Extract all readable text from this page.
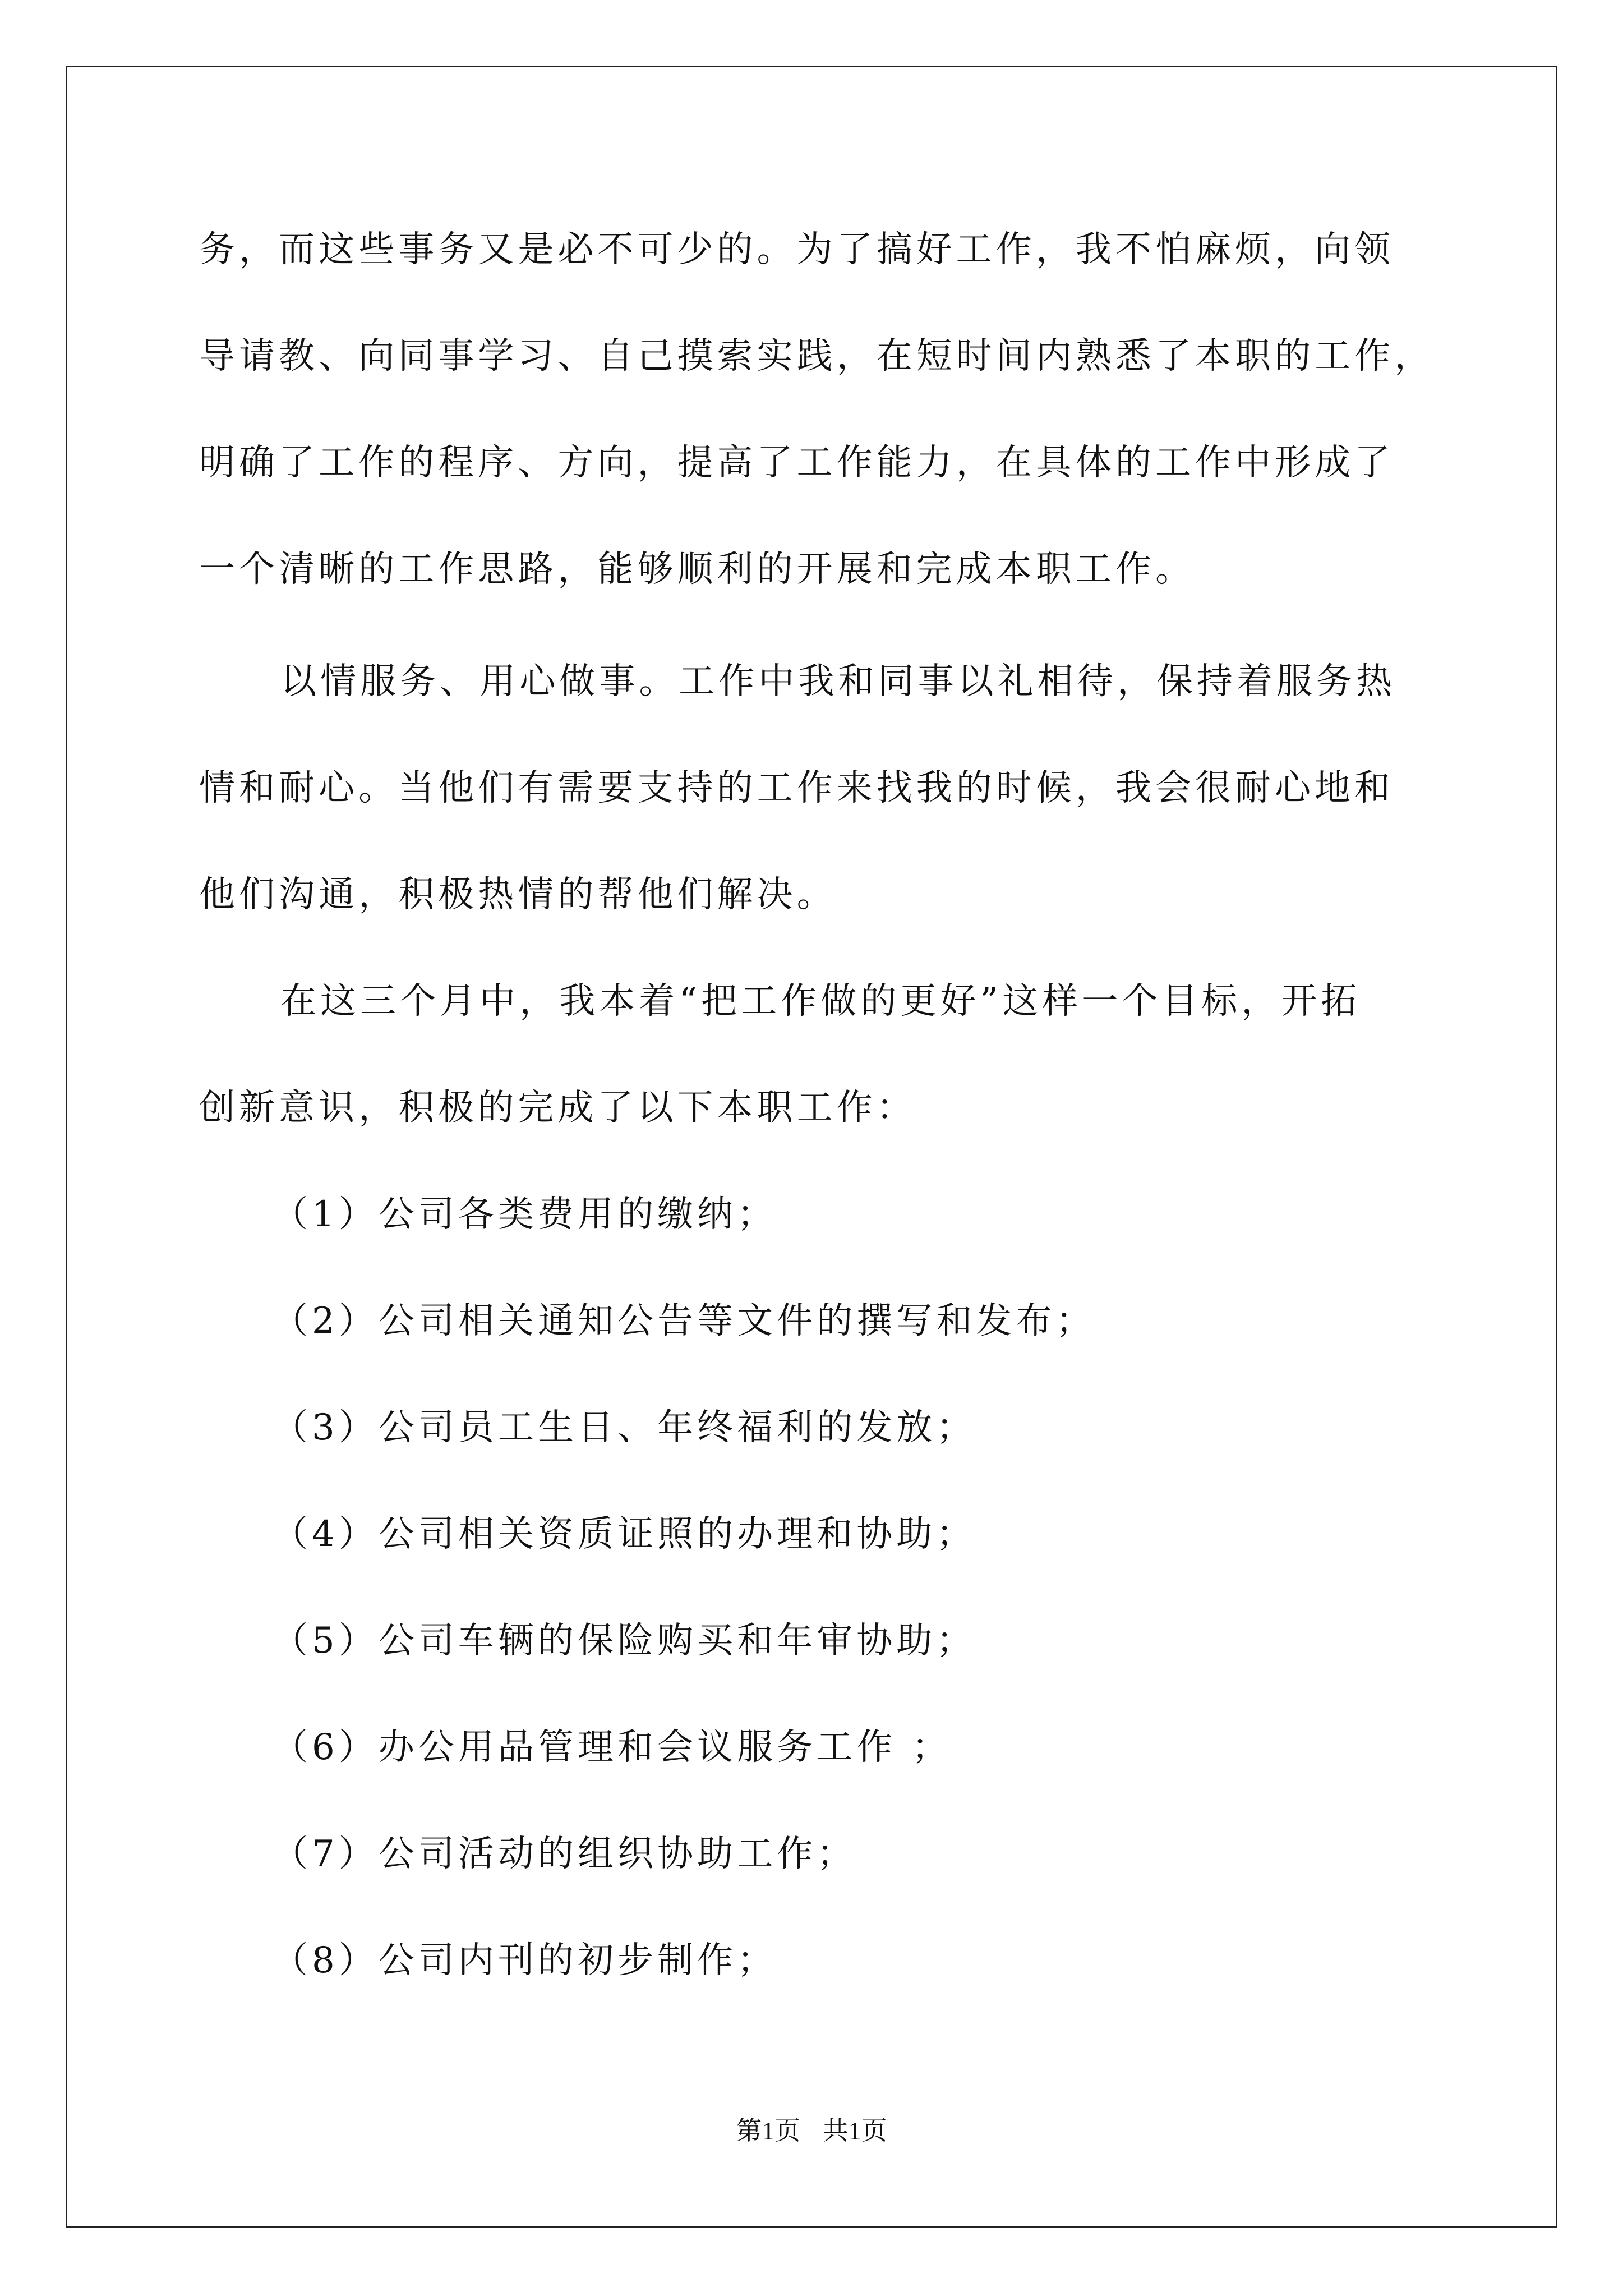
务，而这些事务又是必不可少的。为了搞好工作，我不怕麻烦，向领
导请教、向同事学习、自己摸索实践，在短时间内熟悉了本职的工作，
明确了工作的程序、方向，提高了工作能力，在具体的工作中形成了
一个清晰的工作思路，能够顺利的开展和完成本职工作。
以情服务、用心做事。工作中我和同事以礼相待，保持着服务热
情和耐心。当他们有需要支持的工作来找我的时候，我会很耐心地和
他们沟通，积极热情的帮他们解决。
在这三个月中，我本着“把工作做的更好”这样一个目标，开拓
创新意识，积极的完成了以下本职工作：
（1）公司各类费用的缴纳；
（2）公司相关通知公告等文件的撰写和发布；
（3）公司员工生日、年终福利的发放；
（4）公司相关资质证照的办理和协助；
（5）公司车辆的保险购买和年审协助；
（6）办公用品管理和会议服务工作 ；
（7）公司活动的组织协助工作；
（8）公司内刊的初步制作；
第1页 共1页
